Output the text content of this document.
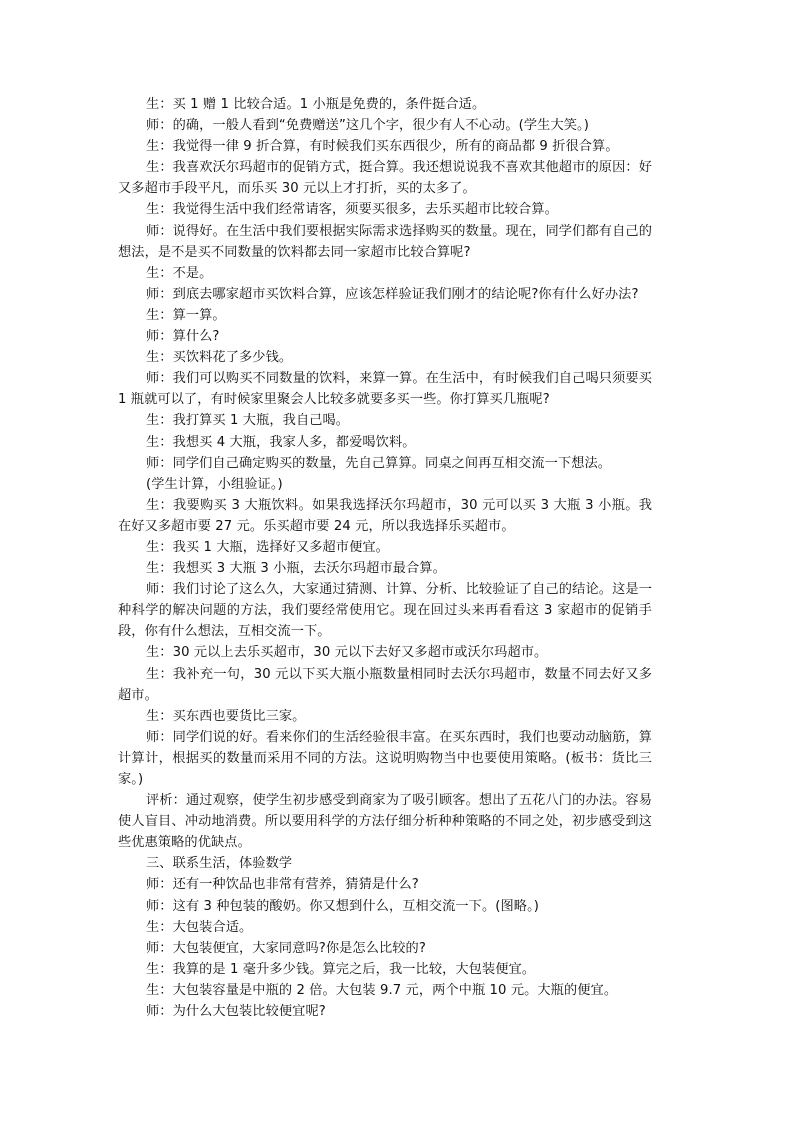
生：买 1 赠 1 比较合适。1 小瓶是免费的，条件挺合适。

师：的确，一般人看到“免费赠送”这几个字，很少有人不心动。(学生大笑。)

生：我觉得一律 9 折合算，有时候我们买东西很少，所有的商品都 9 折很合算。

生：我喜欢沃尔玛超市的促销方式，挺合算。我还想说说我不喜欢其他超市的原因：好又多超市手段平凡，而乐买 30 元以上才打折，买的太多了。

生：我觉得生活中我们经常请客，须要买很多，去乐买超市比较合算。

师：说得好。在生活中我们要根据实际需求选择购买的数量。现在，同学们都有自己的想法，是不是买不同数量的饮料都去同一家超市比较合算呢?

生：不是。

师：到底去哪家超市买饮料合算，应该怎样验证我们刚才的结论呢?你有什么好办法?

生：算一算。

师：算什么?

生：买饮料花了多少钱。

师：我们可以购买不同数量的饮料，来算一算。在生活中，有时候我们自己喝只须要买 1 瓶就可以了，有时候家里聚会人比较多就要多买一些。你打算买几瓶呢?

生：我打算买 1 大瓶，我自己喝。

生：我想买 4 大瓶，我家人多，都爱喝饮料。

师：同学们自己确定购买的数量，先自己算算。同桌之间再互相交流一下想法。

(学生计算，小组验证。)

生：我要购买 3 大瓶饮料。如果我选择沃尔玛超市，30 元可以买 3 大瓶 3 小瓶。我在好又多超市要 27 元。乐买超市要 24 元，所以我选择乐买超市。

生：我买 1 大瓶，选择好又多超市便宜。

生：我想买 3 大瓶 3 小瓶，去沃尔玛超市最合算。

师：我们讨论了这么久，大家通过猜测、计算、分析、比较验证了自己的结论。这是一种科学的解决问题的方法，我们要经常使用它。现在回过头来再看看这 3 家超市的促销手段，你有什么想法，互相交流一下。

生：30 元以上去乐买超市，30 元以下去好又多超市或沃尔玛超市。

生：我补充一句，30 元以下买大瓶小瓶数量相同时去沃尔玛超市，数量不同去好又多超市。

生：买东西也要货比三家。

师：同学们说的好。看来你们的生活经验很丰富。在买东西时，我们也要动动脑筋，算计算计，根据买的数量而采用不同的方法。这说明购物当中也要使用策略。(板书：货比三家。)

评析：通过观察，使学生初步感受到商家为了吸引顾客。想出了五花八门的办法。容易使人盲目、冲动地消费。所以要用科学的方法仔细分析种种策略的不同之处，初步感受到这些优惠策略的优缺点。

三、联系生活，体验数学

师：还有一种饮品也非常有营养，猜猜是什么?

师：这有 3 种包装的酸奶。你又想到什么，互相交流一下。(图略。)

生：大包装合适。

师：大包装便宜，大家同意吗?你是怎么比较的?

生：我算的是 1 毫升多少钱。算完之后，我一比较，大包装便宜。

生：大包装容量是中瓶的 2 倍。大包装 9.7 元，两个中瓶 10 元。大瓶的便宜。

师：为什么大包装比较便宜呢?
